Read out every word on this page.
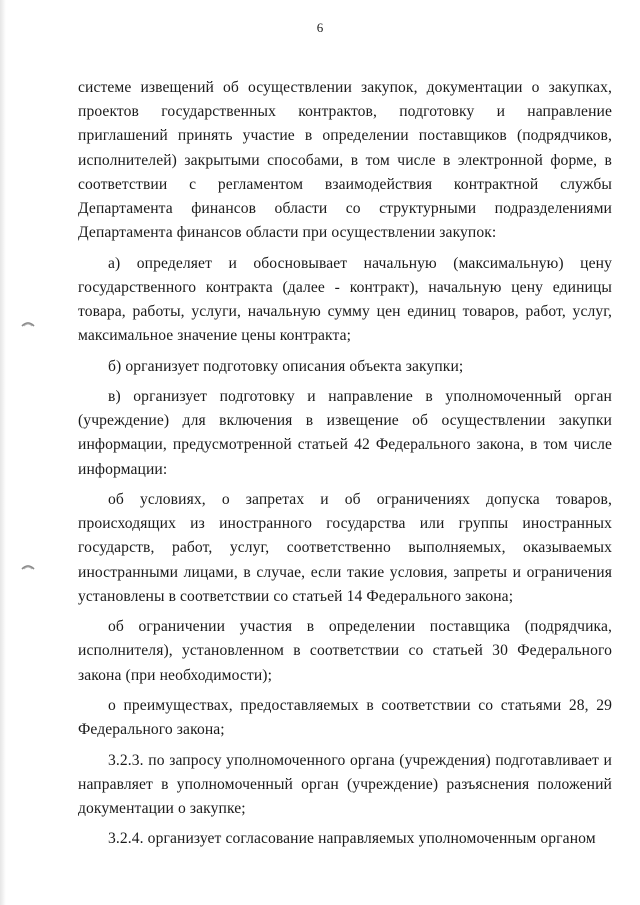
6

системе извещений об осуществлении закупок, документации о закупках, проектов государственных контрактов, подготовку и направление приглашений принять участие в определении поставщиков (подрядчиков, исполнителей) закрытыми способами, в том числе в электронной форме, в соответствии с регламентом взаимодействия контрактной службы Департамента финансов области со структурными подразделениями Департамента финансов области при осуществлении закупок:

а) определяет и обосновывает начальную (максимальную) цену государственного контракта (далее - контракт), начальную цену единицы товара, работы, услуги, начальную сумму цен единиц товаров, работ, услуг, максимальное значение цены контракта;

б) организует подготовку описания объекта закупки;

в) организует подготовку и направление в уполномоченный орган (учреждение) для включения в извещение об осуществлении закупки информации, предусмотренной статьей 42 Федерального закона, в том числе информации:

об условиях, о запретах и об ограничениях допуска товаров, происходящих из иностранного государства или группы иностранных государств, работ, услуг, соответственно выполняемых, оказываемых иностранными лицами, в случае, если такие условия, запреты и ограничения установлены в соответствии со статьей 14 Федерального закона;

об ограничении участия в определении поставщика (подрядчика, исполнителя), установленном в соответствии со статьей 30 Федерального закона (при необходимости);

о преимуществах, предоставляемых в соответствии со статьями 28, 29 Федерального закона;

3.2.3. по запросу уполномоченного органа (учреждения) подготавливает и направляет в уполномоченный орган (учреждение) разъяснения положений документации о закупке;

3.2.4. организует согласование направляемых уполномоченным органом
